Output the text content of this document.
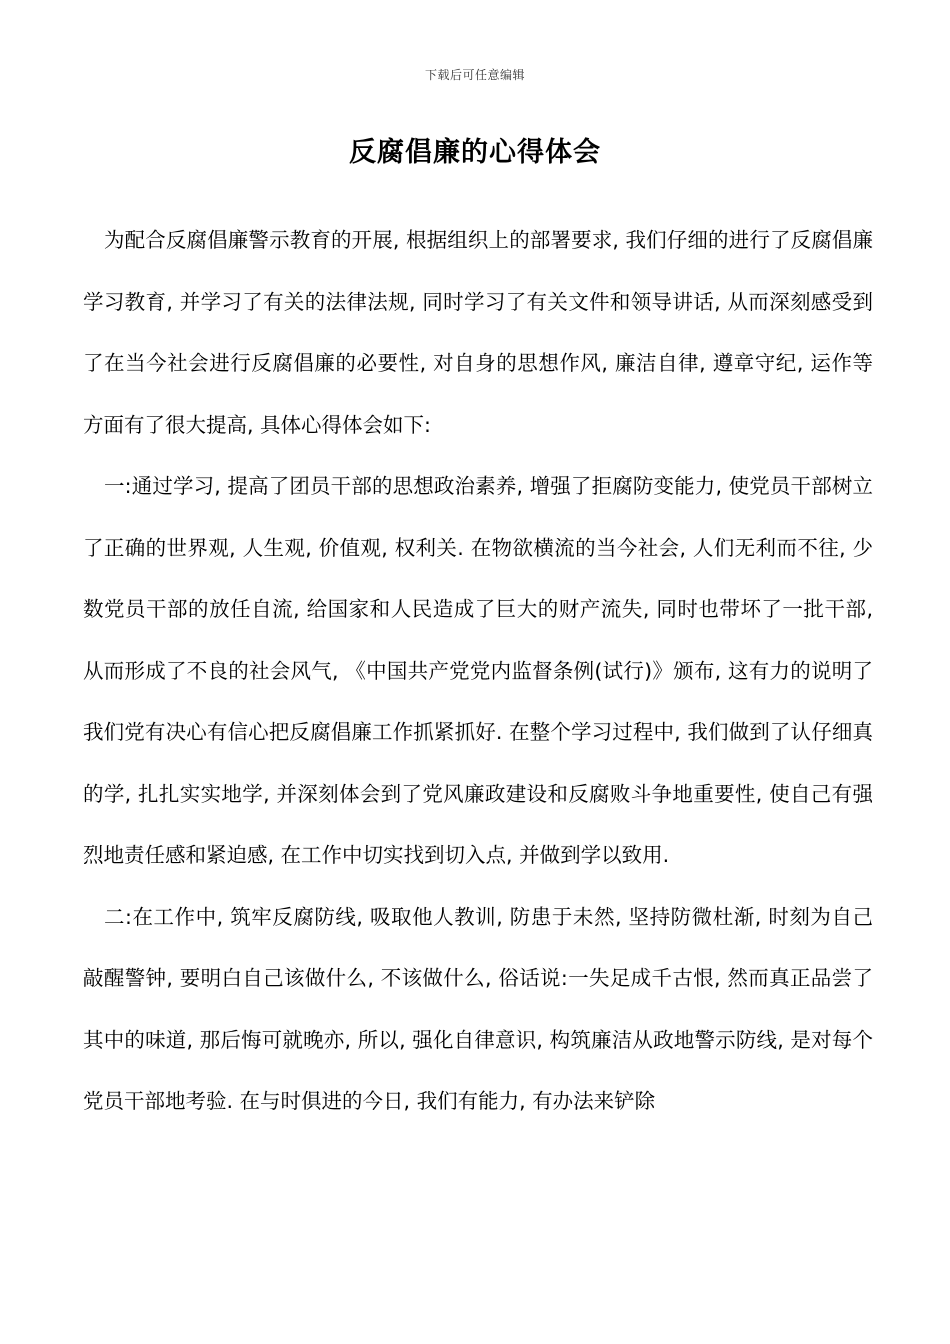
下载后可任意编辑
反腐倡廉的心得体会

为配合反腐倡廉警示教育的开展, 根据组织上的部署要求, 我们仔细的进行了反腐倡廉学习教育, 并学习了有关的法律法规, 同时学习了有关文件和领导讲话, 从而深刻感受到了在当今社会进行反腐倡廉的必要性, 对自身的思想作风, 廉洁自律, 遵章守纪, 运作等方面有了很大提高, 具体心得体会如下:

一:通过学习, 提高了团员干部的思想政治素养, 增强了拒腐防变能力, 使党员干部树立了正确的世界观, 人生观, 价值观, 权利关. 在物欲横流的当今社会, 人们无利而不往, 少数党员干部的放任自流, 给国家和人民造成了巨大的财产流失, 同时也带坏了一批干部, 从而形成了不良的社会风气, 《中国共产党党内监督条例(试行)》颁布, 这有力的说明了我们党有决心有信心把反腐倡廉工作抓紧抓好. 在整个学习过程中, 我们做到了认仔细真的学, 扎扎实实地学, 并深刻体会到了党风廉政建设和反腐败斗争地重要性, 使自己有强烈地责任感和紧迫感, 在工作中切实找到切入点, 并做到学以致用.

二:在工作中, 筑牢反腐防线, 吸取他人教训, 防患于未然, 坚持防微杜渐, 时刻为自己敲醒警钟, 要明白自己该做什么, 不该做什么, 俗话说:一失足成千古恨, 然而真正品尝了其中的味道, 那后悔可就晚亦, 所以, 强化自律意识, 构筑廉洁从政地警示防线, 是对每个党员干部地考验. 在与时俱进的今日, 我们有能力, 有办法来铲除
